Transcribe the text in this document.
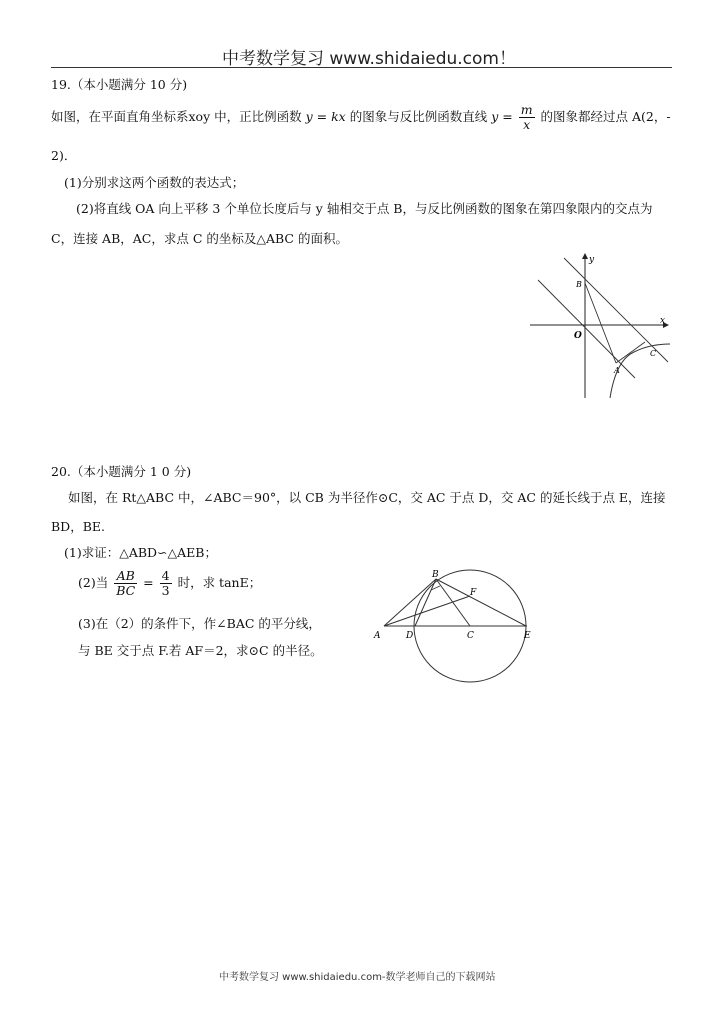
中考数学复习 www.shidaiedu.com！
19.（本小题满分 10 分)
如图，在平面直角坐标系xoy 中，正比例函数 y = kx 的图象与反比例函数直线 $y = \frac{m}{x}$ 的图象都经过点 A(2，-
2)．
(1)分别求这两个函数的表达式；
(2)将直线 OA 向上平移 3 个单位长度后与 y 轴相交于点 B，与反比例函数的图象在第四象限内的交点为
C，连接 AB，AC，求点 C 的坐标及△ABC 的面积。
y
x
O
B
A
C
20.（本小题满分 1 0 分)
如图，在 Rt△ABC 中，∠ABC＝90°，以 CB 为半径作⊙C，交 AC 于点 D，交 AC 的延长线于点 E，连接
BD，BE.
(1)求证：△ABD∽△AEB；
(2)当 $\frac{AB}{BC} = \frac{4}{3}$ 时，求 tanE；
(3)在（2）的条件下，作∠BAC 的平分线，
与 BE 交于点 F.若 AF＝2，求⊙C 的半径。
A
B
C
D	E
F
中考数学复习 www.shidaiedu.com-数学老师自己的下载网站
